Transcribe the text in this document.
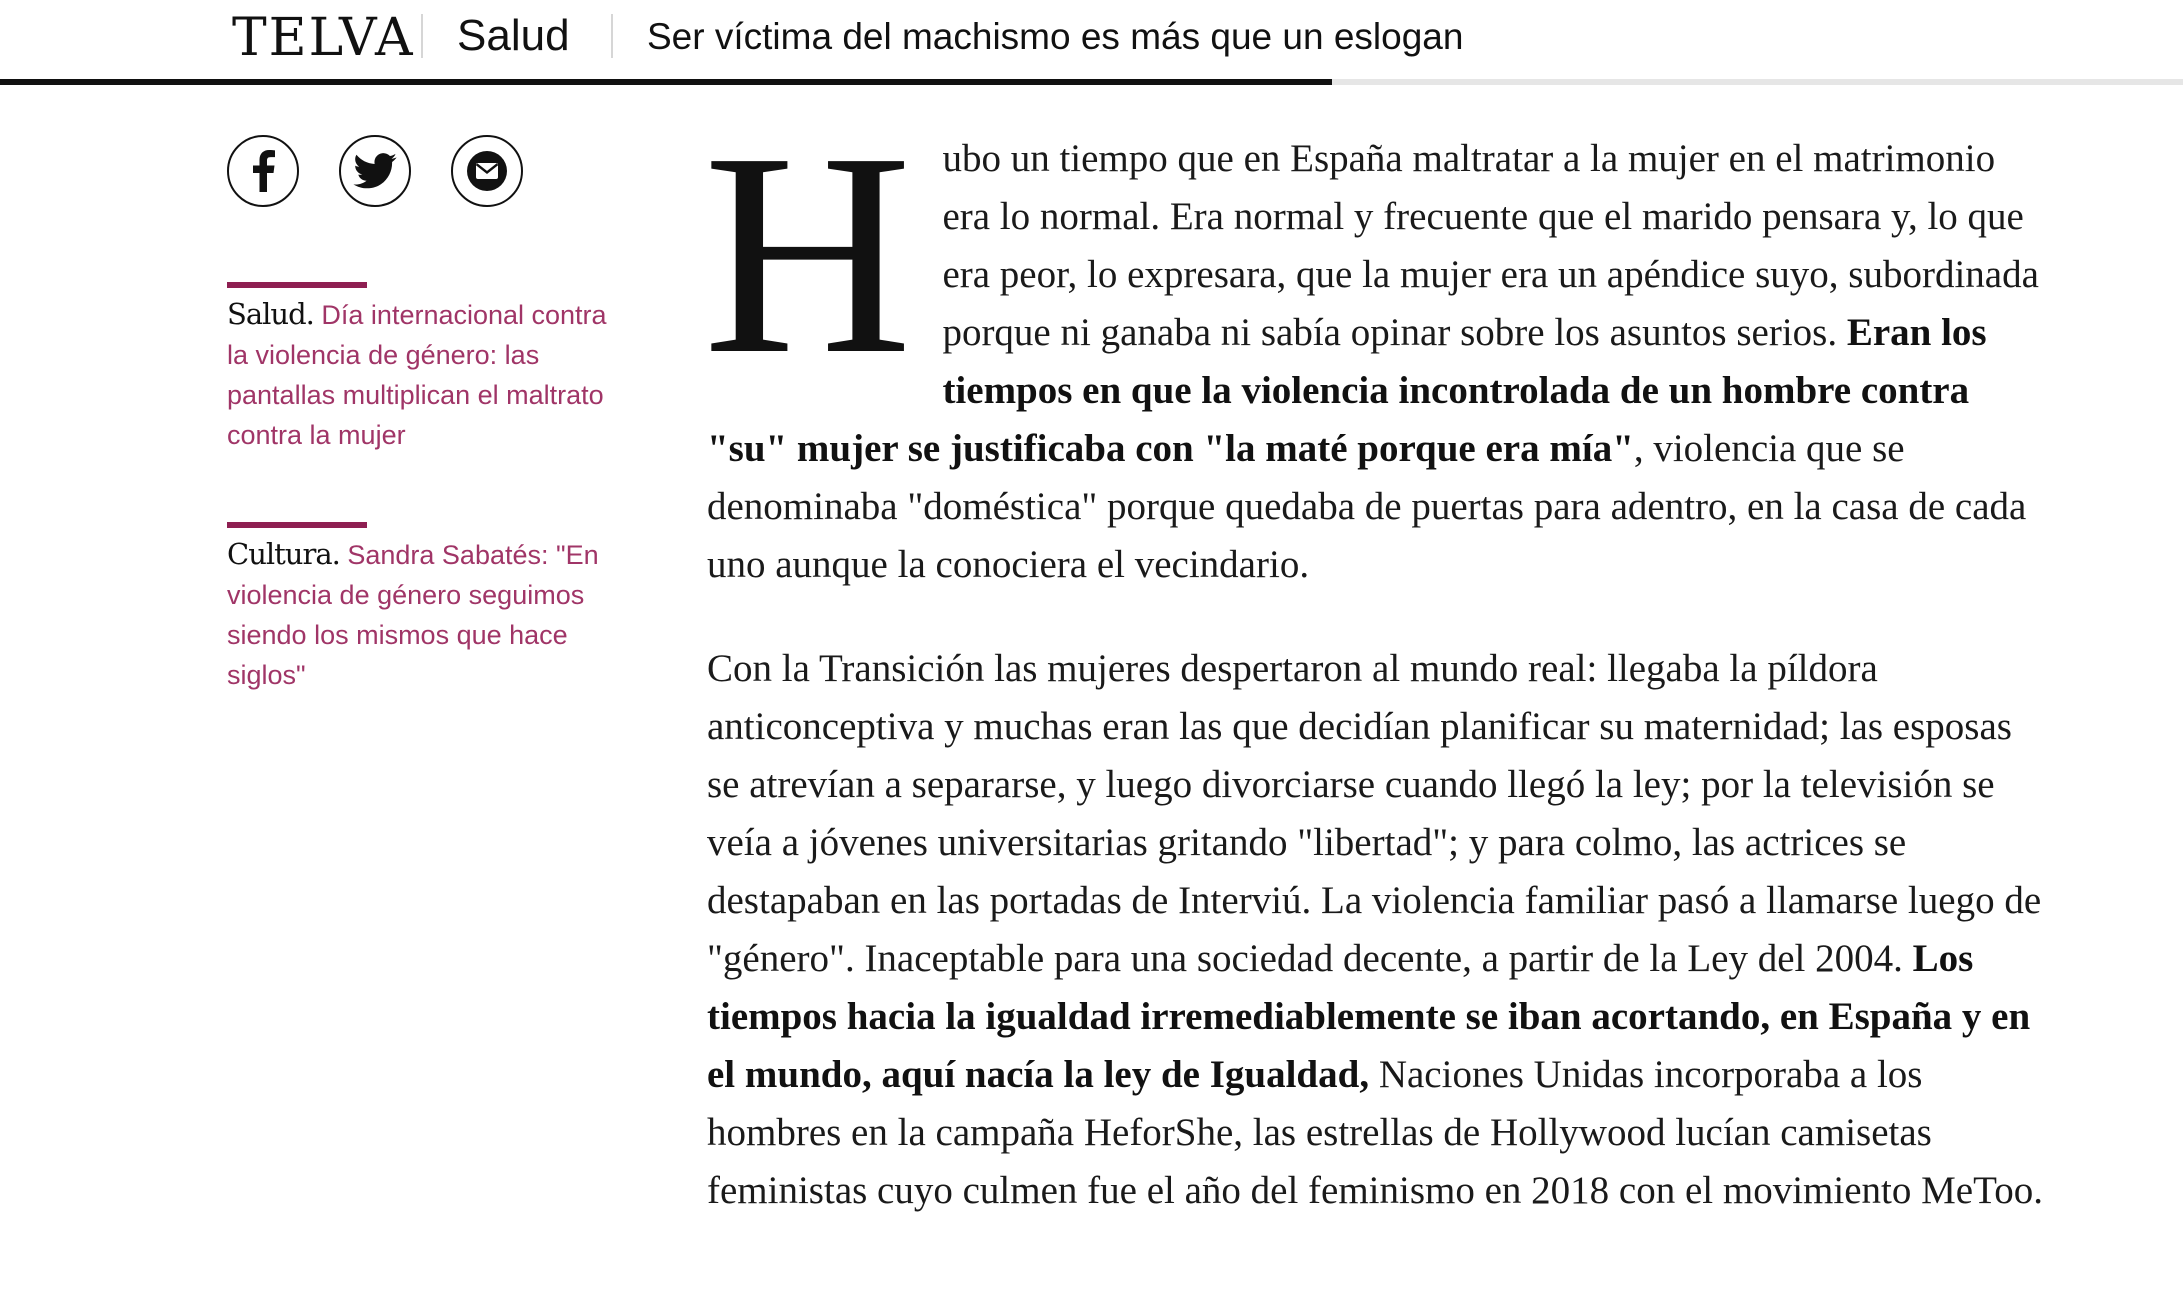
TELVA Salud Ser víctima del machismo es más que un eslogan
Salud. Día internacional contra la violencia de género: las pantallas multiplican el maltrato contra la mujer
Cultura. Sandra Sabatés: "En violencia de género seguimos siendo los mismos que hace siglos"

Hubo un tiempo que en España maltratar a la mujer en el matrimonio era lo normal. Era normal y frecuente que el marido pensara y, lo que era peor, lo expresara, que la mujer era un apéndice suyo, subordinada porque ni ganaba ni sabía opinar sobre los asuntos serios. Eran los tiempos en que la violencia incontrolada de un hombre contra "su" mujer se justificaba con "la maté porque era mía", violencia que se denominaba "doméstica" porque quedaba de puertas para adentro, en la casa de cada uno aunque la conociera el vecindario.

Con la Transición las mujeres despertaron al mundo real: llegaba la píldora anticonceptiva y muchas eran las que decidían planificar su maternidad; las esposas se atrevían a separarse, y luego divorciarse cuando llegó la ley; por la televisión se veía a jóvenes universitarias gritando "libertad"; y para colmo, las actrices se destapaban en las portadas de Interviú. La violencia familiar pasó a llamarse luego de "género". Inaceptable para una sociedad decente, a partir de la Ley del 2004. Los tiempos hacia la igualdad irremediablemente se iban acortando, en España y en el mundo, aquí nacía la ley de Igualdad, Naciones Unidas incorporaba a los hombres en la campaña HeforShe, las estrellas de Hollywood lucían camisetas feministas cuyo culmen fue el año del feminismo en 2018 con el movimiento MeToo.
